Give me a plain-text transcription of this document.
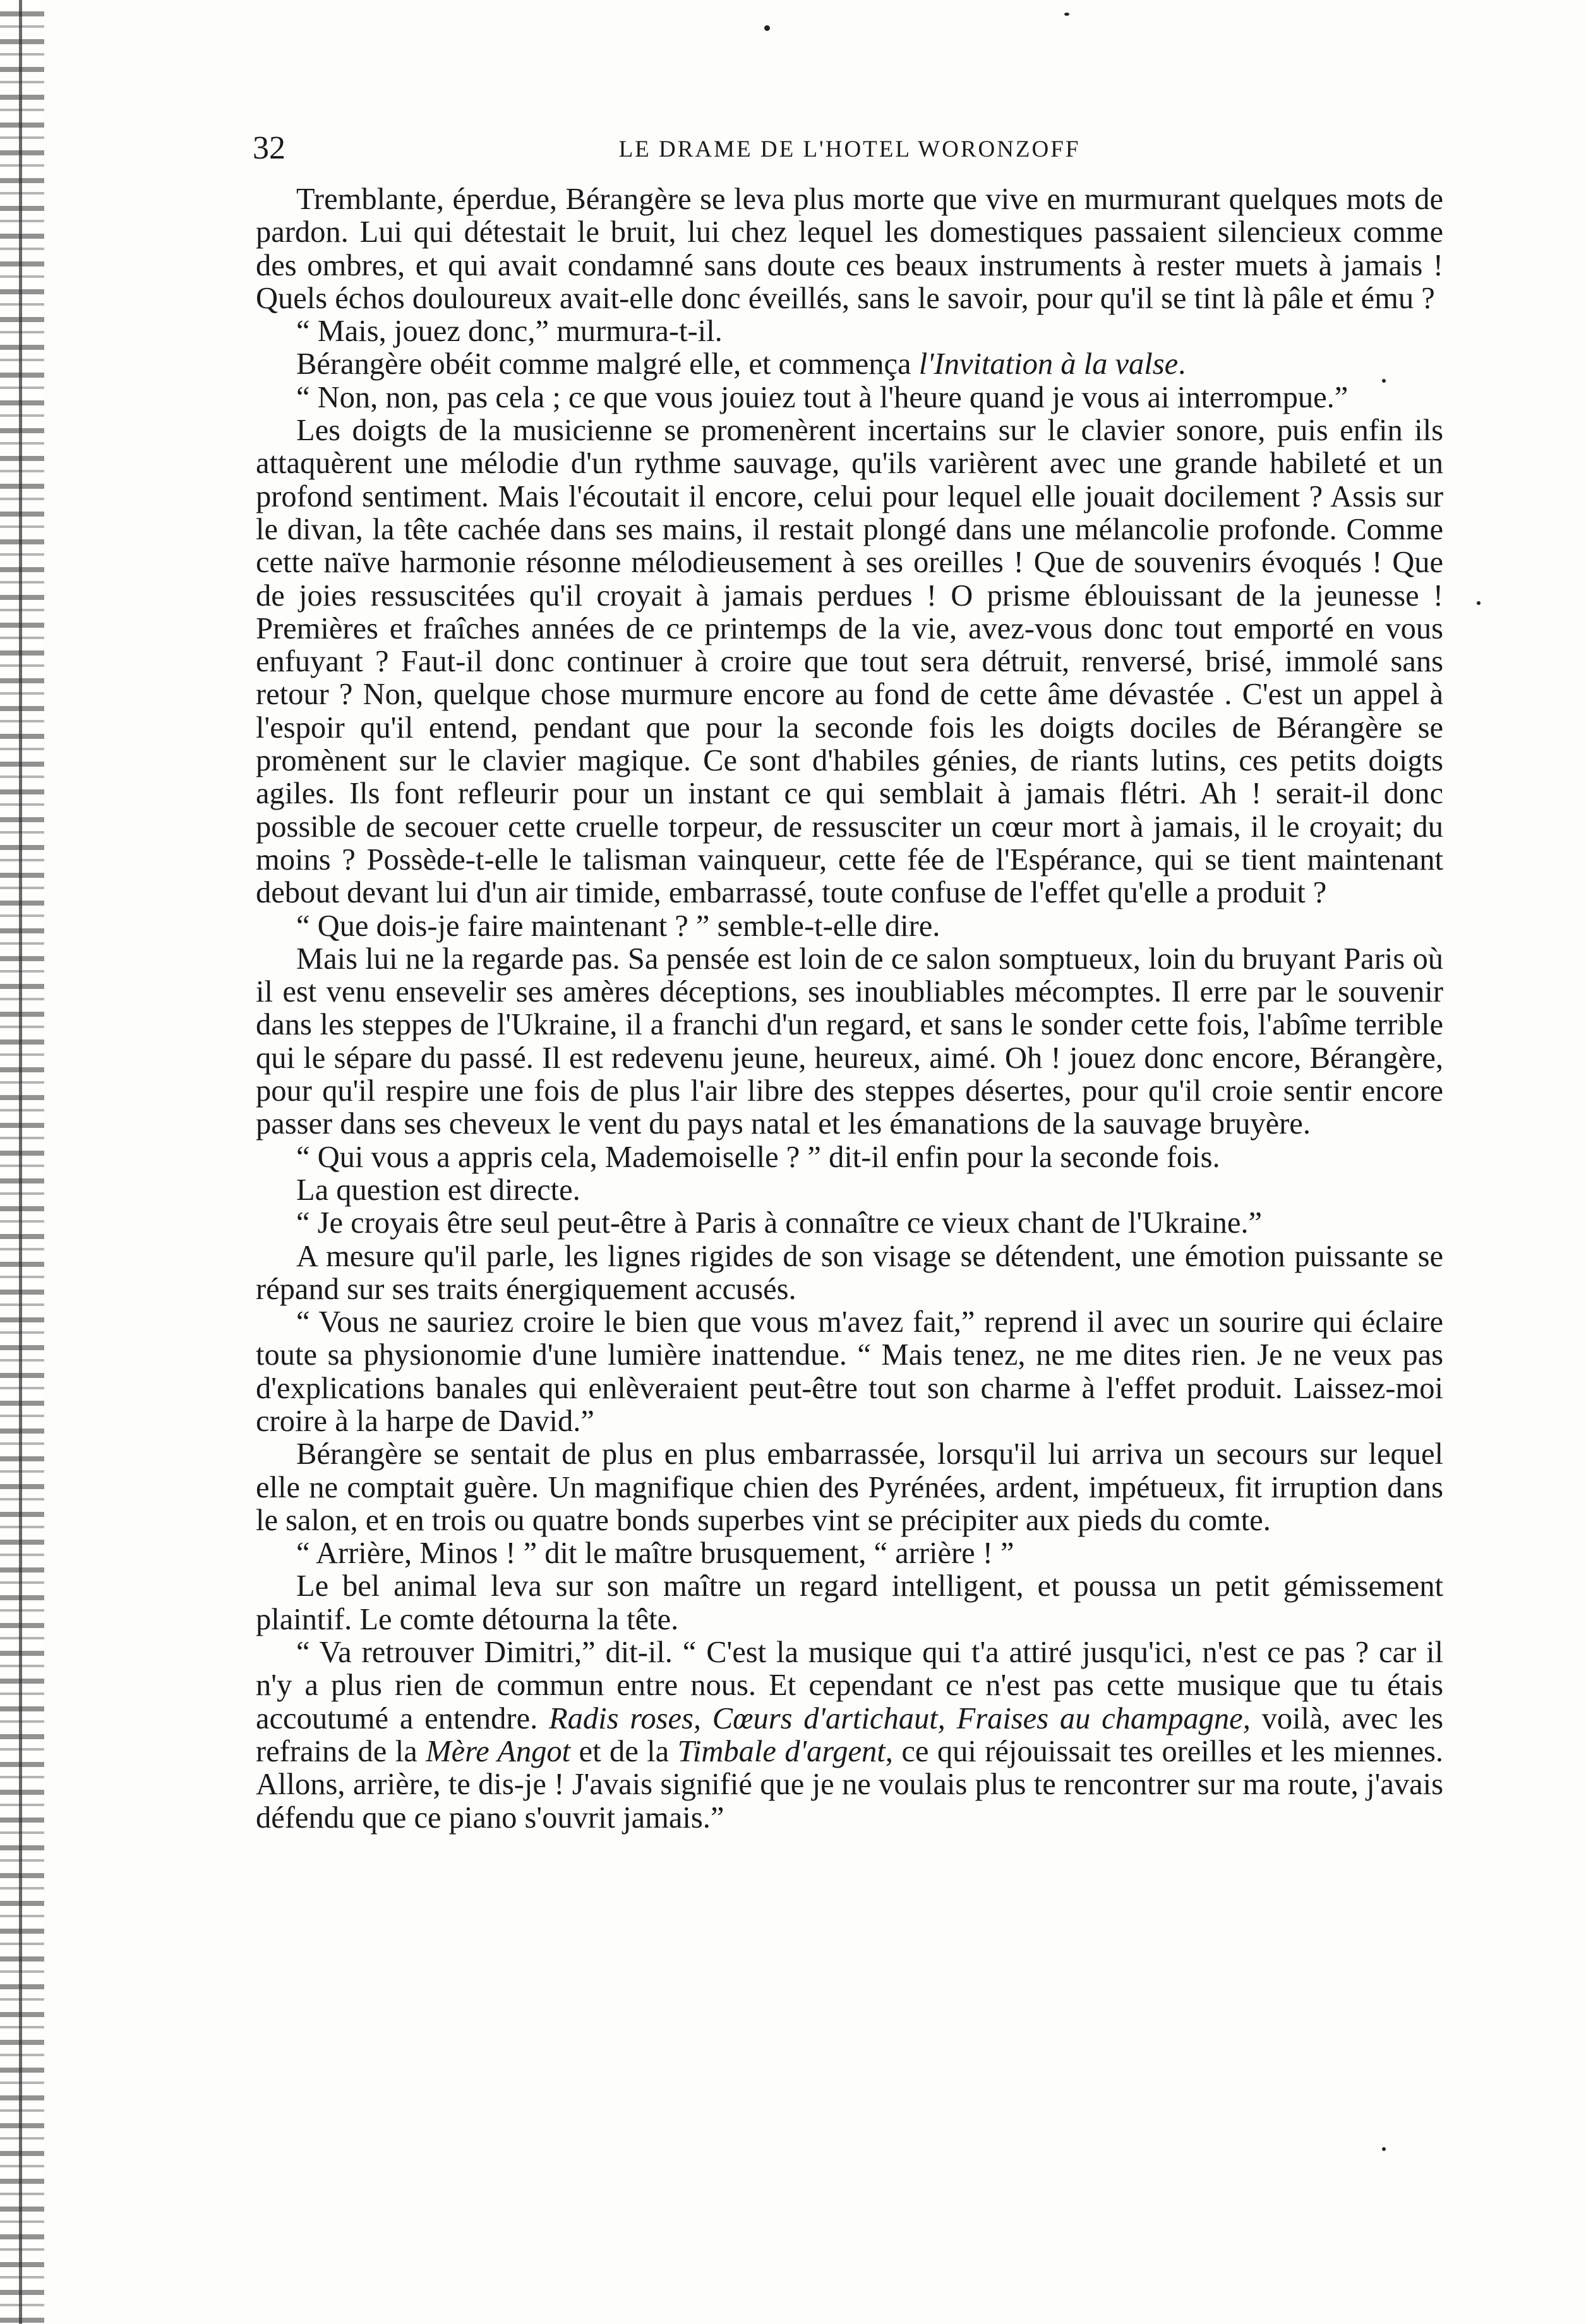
32	LE DRAME DE L'HOTEL WORONZOFF

Tremblante, éperdue, Bérangère se leva plus morte que vive en murmurant quelques mots de pardon. Lui qui détestait le bruit, lui chez lequel les domestiques passaient silencieux comme des ombres, et qui avait condamné sans doute ces beaux instruments à rester muets à jamais ! Quels échos douloureux avait-elle donc éveillés, sans le savoir, pour qu'il se tint là pâle et ému ?

“ Mais, jouez donc,” murmura-t-il.

Bérangère obéit comme malgré elle, et commença l'Invitation à la valse.

“ Non, non, pas cela ; ce que vous jouiez tout à l'heure quand je vous ai interrompue.”

Les doigts de la musicienne se promenèrent incertains sur le clavier sonore, puis enfin ils attaquèrent une mélodie d'un rythme sauvage, qu'ils varièrent avec une grande habileté et un profond sentiment. Mais l'écoutait il encore, celui pour lequel elle jouait docilement ? Assis sur le divan, la tête cachée dans ses mains, il restait plongé dans une mélancolie profonde. Comme cette naïve harmonie résonne mélodieusement à ses oreilles ! Que de souvenirs évoqués ! Que de joies ressuscitées qu'il croyait à jamais perdues ! O prisme éblouissant de la jeunesse ! Premières et fraîches années de ce printemps de la vie, avez-vous donc tout emporté en vous enfuyant ? Faut-il donc continuer à croire que tout sera détruit, renversé, brisé, immolé sans retour ? Non, quelque chose murmure encore au fond de cette âme dévastée . C'est un appel à l'espoir qu'il entend, pendant que pour la seconde fois les doigts dociles de Bérangère se promènent sur le clavier magique. Ce sont d'habiles génies, de riants lutins, ces petits doigts agiles. Ils font refleurir pour un instant ce qui semblait à jamais flétri. Ah ! serait-il donc possible de secouer cette cruelle torpeur, de ressusciter un cœur mort à jamais, il le croyait; du moins ? Possède-t-elle le talisman vainqueur, cette fée de l'Espérance, qui se tient maintenant debout devant lui d'un air timide, embarrassé, toute confuse de l'effet qu'elle a produit ?

“ Que dois-je faire maintenant ? ” semble-t-elle dire.

Mais lui ne la regarde pas. Sa pensée est loin de ce salon somptueux, loin du bruyant Paris où il est venu ensevelir ses amères déceptions, ses inoubliables mécomptes. Il erre par le souvenir dans les steppes de l'Ukraine, il a franchi d'un regard, et sans le sonder cette fois, l'abîme terrible qui le sépare du passé. Il est redevenu jeune, heureux, aimé. Oh ! jouez donc encore, Bérangère, pour qu'il respire une fois de plus l'air libre des steppes désertes, pour qu'il croie sentir encore passer dans ses cheveux le vent du pays natal et les émanations de la sauvage bruyère.

“ Qui vous a appris cela, Mademoiselle ? ” dit-il enfin pour la seconde fois.

La question est directe.

“ Je croyais être seul peut-être à Paris à connaître ce vieux chant de l'Ukraine.”

A mesure qu'il parle, les lignes rigides de son visage se détendent, une émotion puissante se répand sur ses traits énergiquement accusés.

“ Vous ne sauriez croire le bien que vous m'avez fait,” reprend il avec un sourire qui éclaire toute sa physionomie d'une lumière inattendue. “ Mais tenez, ne me dites rien. Je ne veux pas d'explications banales qui enlèveraient peut-être tout son charme à l'effet produit. Laissez-moi croire à la harpe de David.”

Bérangère se sentait de plus en plus embarrassée, lorsqu'il lui arriva un secours sur lequel elle ne comptait guère. Un magnifique chien des Pyrénées, ardent, impétueux, fit irruption dans le salon, et en trois ou quatre bonds superbes vint se précipiter aux pieds du comte.

“ Arrière, Minos ! ” dit le maître brusquement, “ arrière ! ”

Le bel animal leva sur son maître un regard intelligent, et poussa un petit gémissement plaintif. Le comte détourna la tête.

“ Va retrouver Dimitri,” dit-il. “ C'est la musique qui t'a attiré jusqu'ici, n'est ce pas ? car il n'y a plus rien de commun entre nous. Et cependant ce n'est pas cette musique que tu étais accoutumé a entendre. Radis roses, Cœurs d'artichaut, Fraises au champagne, voilà, avec les refrains de la Mère Angot et de la Timbale d'argent, ce qui réjouissait tes oreilles et les miennes. Allons, arrière, te dis-je ! J'avais signifié que je ne voulais plus te rencontrer sur ma route, j'avais défendu que ce piano s'ouvrit jamais.”
